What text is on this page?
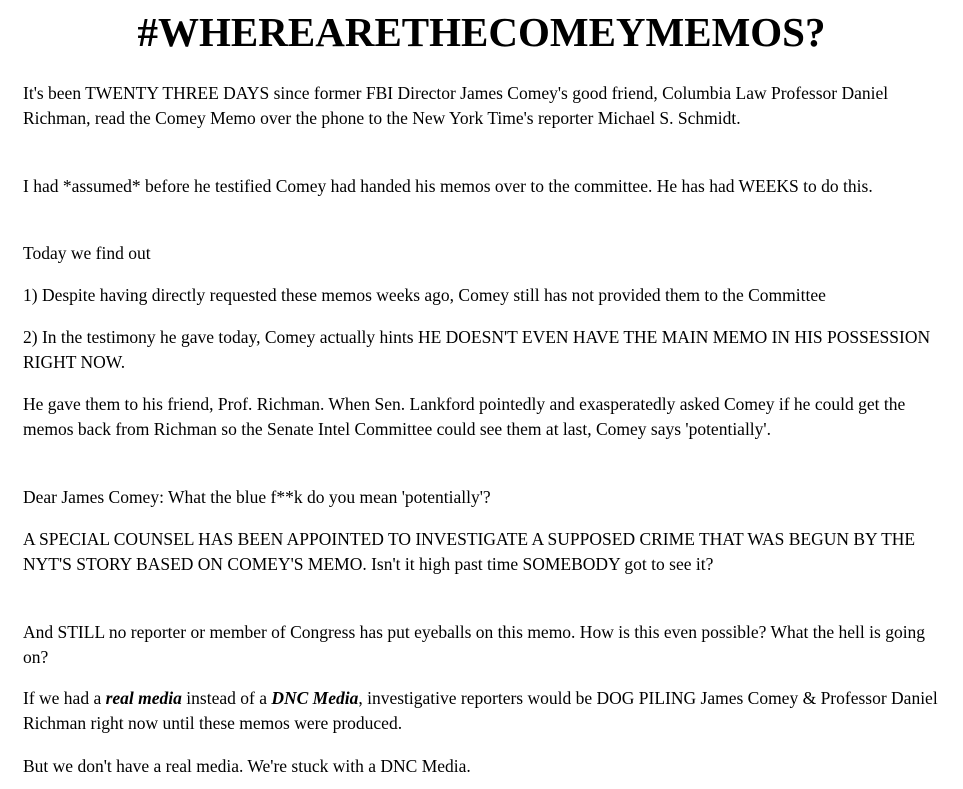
#WHEREARETHECOMEYMEMOS?

It's been TWENTY THREE DAYS since former FBI Director James Comey's good friend, Columbia Law Professor Daniel Richman, read the Comey Memo over the phone to the New York Time's reporter Michael S. Schmidt.

I had *assumed* before he testified Comey had handed his memos over to the committee. He has had WEEKS to do this.

Today we find out

1) Despite having directly requested these memos weeks ago, Comey still has not provided them to the Committee

2) In the testimony he gave today, Comey actually hints HE DOESN'T EVEN HAVE THE MAIN MEMO IN HIS POSSESSION RIGHT NOW.

He gave them to his friend, Prof. Richman. When Sen. Lankford pointedly and exasperatedly asked Comey if he could get the memos back from Richman so the Senate Intel Committee could see them at last, Comey says 'potentially'.

Dear James Comey: What the blue f**k do you mean 'potentially'?

A SPECIAL COUNSEL HAS BEEN APPOINTED TO INVESTIGATE A SUPPOSED CRIME THAT WAS BEGUN BY THE NYT'S STORY BASED ON COMEY'S MEMO. Isn't it high past time SOMEBODY got to see it?

And STILL no reporter or member of Congress has put eyeballs on this memo. How is this even possible? What the hell is going on?

If we had a real media instead of a DNC Media, investigative reporters would be DOG PILING James Comey & Professor Daniel Richman right now until these memos were produced.

But we don't have a real media. We're stuck with a DNC Media.
